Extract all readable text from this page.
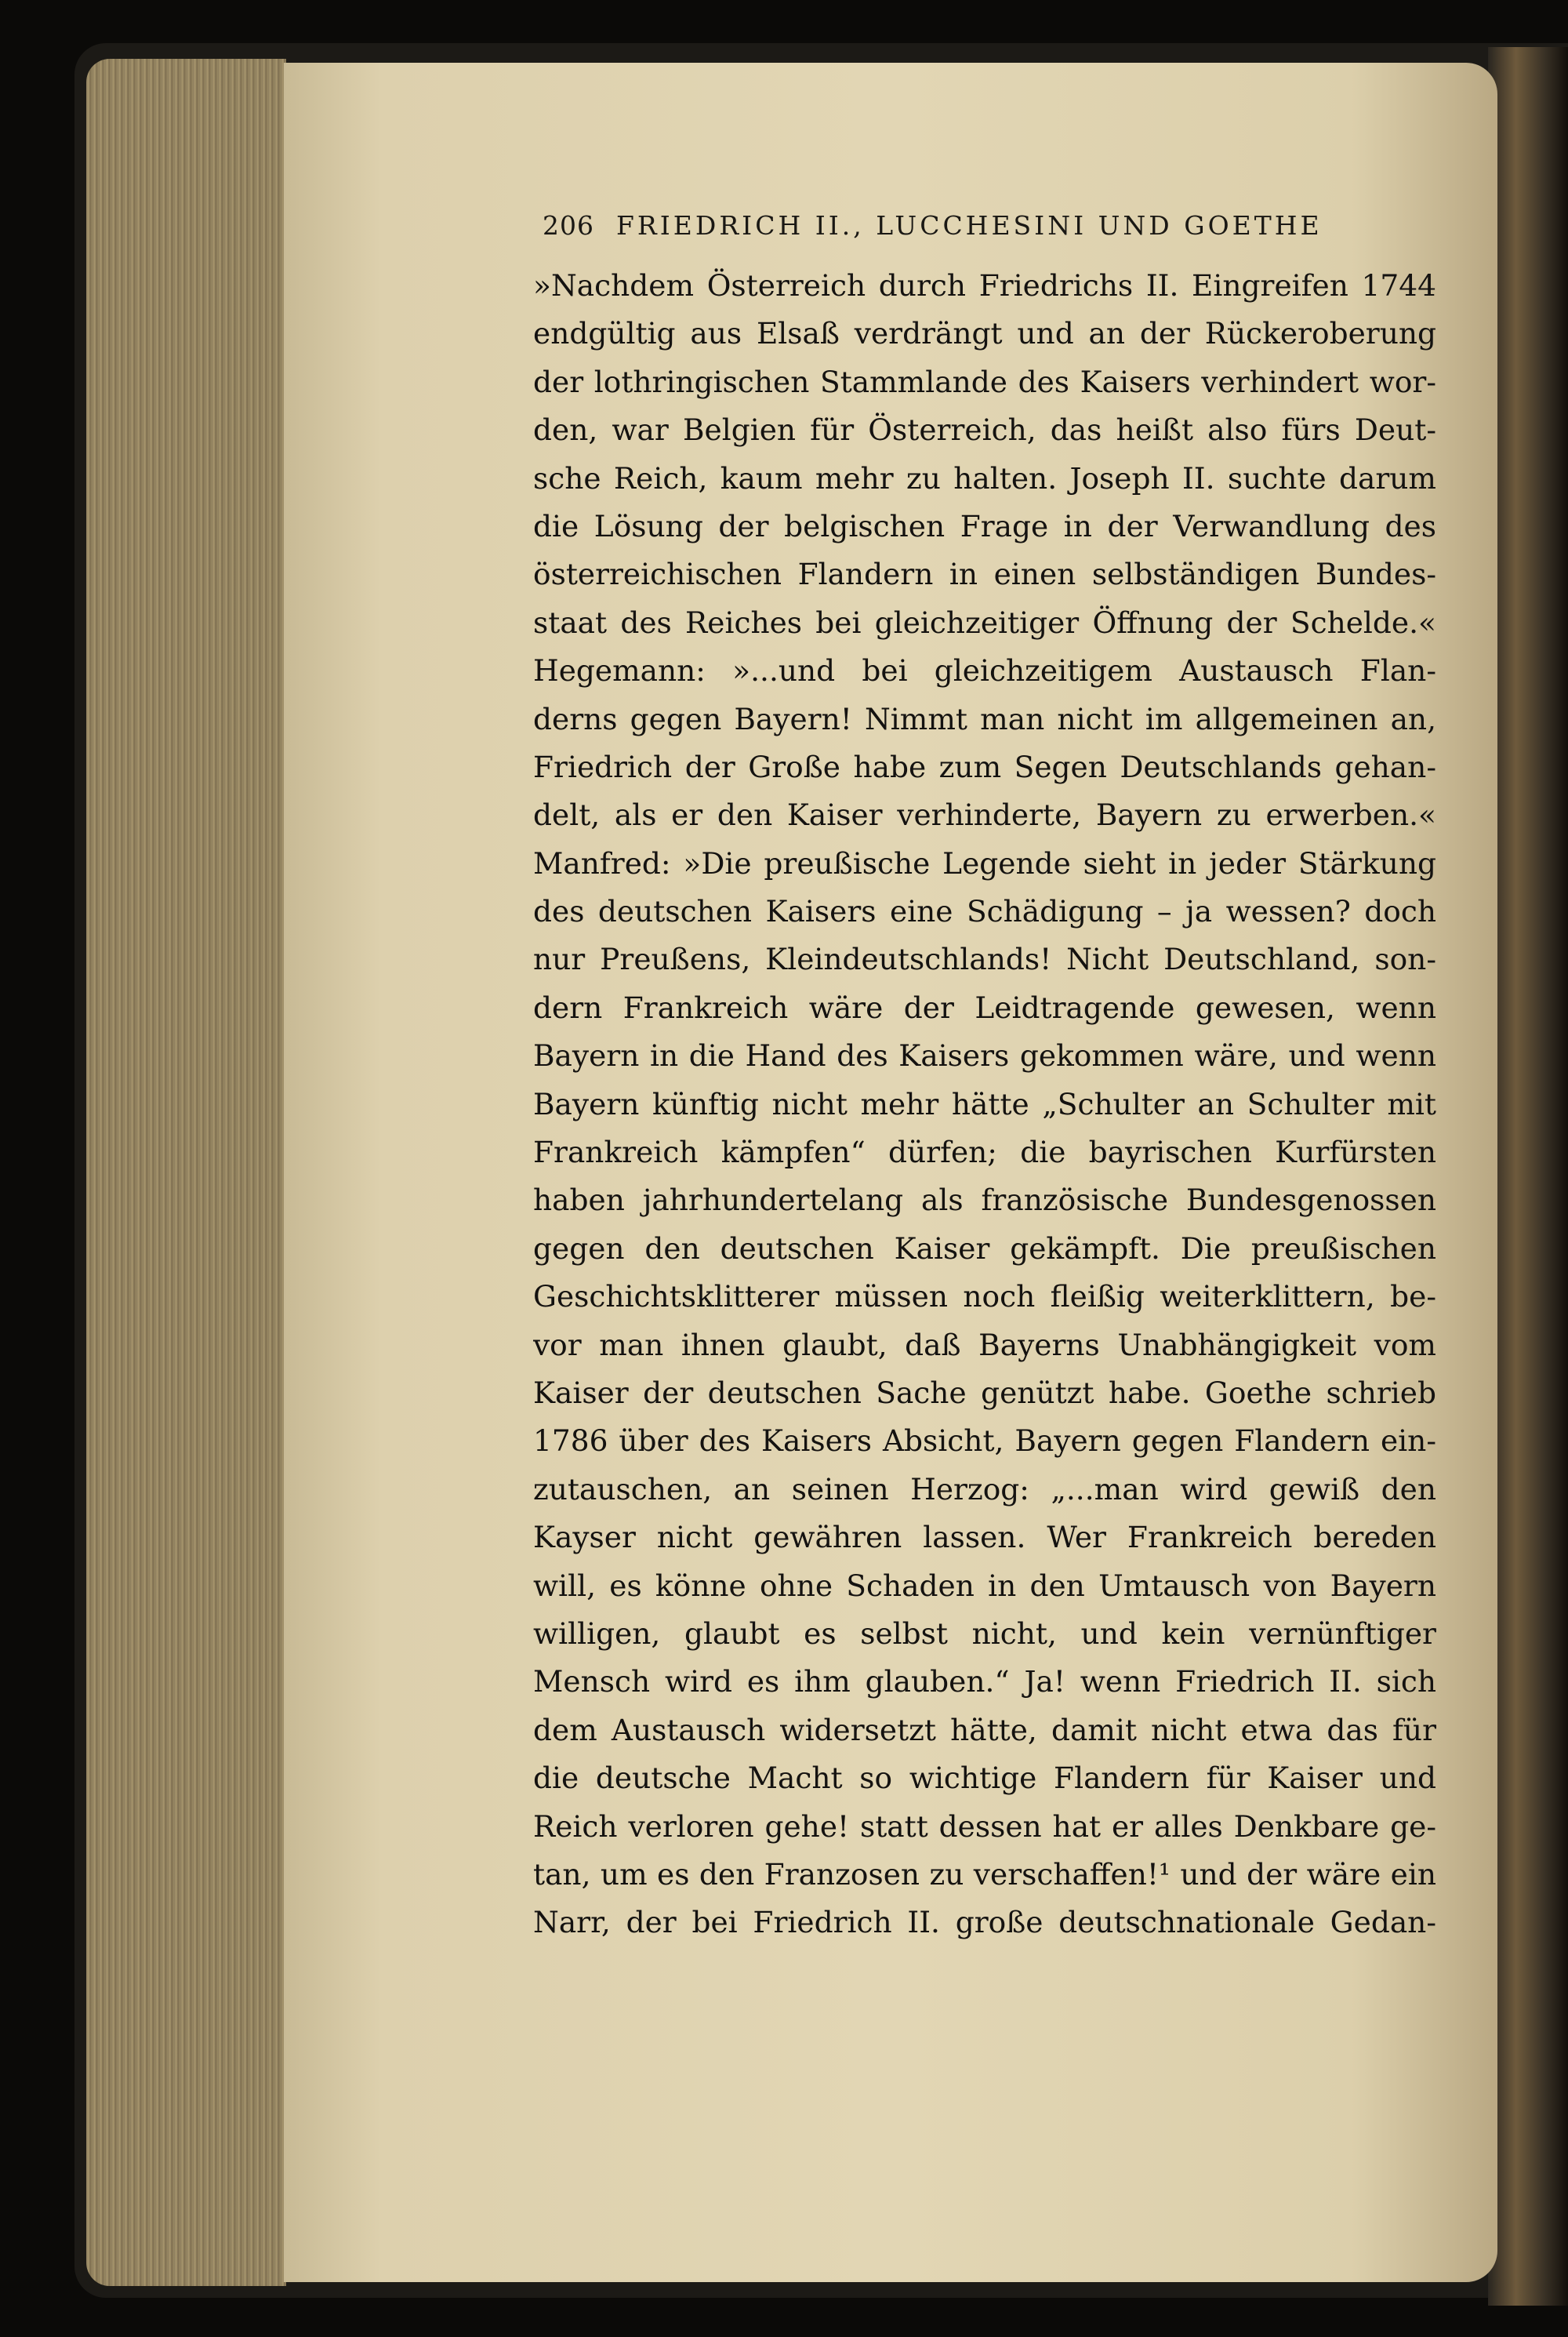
206 FRIEDRICH II., LUCCHESINI UND GOETHE
»Nachdem Österreich durch Friedrichs II. Eingreifen 1744
endgültig aus Elsaß verdrängt und an der Rückeroberung
der lothringischen Stammlande des Kaisers verhindert wor-
den, war Belgien für Österreich, das heißt also fürs Deut-
sche Reich, kaum mehr zu halten. Joseph II. suchte darum
die Lösung der belgischen Frage in der Verwandlung des
österreichischen Flandern in einen selbständigen Bundes-
staat des Reiches bei gleichzeitiger Öffnung der Schelde.«
Hegemann: »...und bei gleichzeitigem Austausch Flan-
derns gegen Bayern! Nimmt man nicht im allgemeinen an,
Friedrich der Große habe zum Segen Deutschlands gehan-
delt, als er den Kaiser verhinderte, Bayern zu erwerben.«
Manfred: »Die preußische Legende sieht in jeder Stärkung
des deutschen Kaisers eine Schädigung – ja wessen? doch
nur Preußens, Kleindeutschlands! Nicht Deutschland, son-
dern Frankreich wäre der Leidtragende gewesen, wenn
Bayern in die Hand des Kaisers gekommen wäre, und wenn
Bayern künftig nicht mehr hätte „Schulter an Schulter mit
Frankreich kämpfen“ dürfen; die bayrischen Kurfürsten
haben jahrhundertelang als französische Bundesgenossen
gegen den deutschen Kaiser gekämpft. Die preußischen
Geschichtsklitterer müssen noch fleißig weiterklittern, be-
vor man ihnen glaubt, daß Bayerns Unabhängigkeit vom
Kaiser der deutschen Sache genützt habe. Goethe schrieb
1786 über des Kaisers Absicht, Bayern gegen Flandern ein-
zutauschen, an seinen Herzog: „...man wird gewiß den
Kayser nicht gewähren lassen. Wer Frankreich bereden
will, es könne ohne Schaden in den Umtausch von Bayern
willigen, glaubt es selbst nicht, und kein vernünftiger
Mensch wird es ihm glauben.“ Ja! wenn Friedrich II. sich
dem Austausch widersetzt hätte, damit nicht etwa das für
die deutsche Macht so wichtige Flandern für Kaiser und
Reich verloren gehe! statt dessen hat er alles Denkbare ge-
tan, um es den Franzosen zu verschaffen!¹ und der wäre ein
Narr, der bei Friedrich II. große deutschnationale Gedan-
